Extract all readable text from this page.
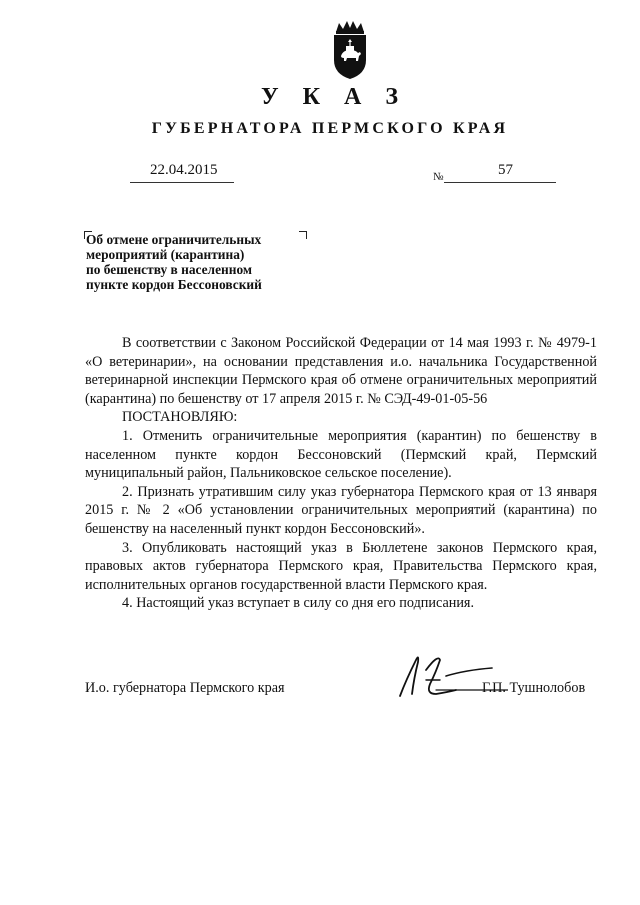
У К А З
ГУБЕРНАТОРА ПЕРМСКОГО КРАЯ
22.04.2015	№	57
Об отмене ограничительных
мероприятий (карантина)
по бешенству в населенном
пункте кордон Бессоновский

В соответствии с Законом Российской Федерации от 14 мая 1993 г. № 4979-1 «О ветеринарии», на основании представления и.о. начальника Государственной ветеринарной инспекции Пермского края об отмене ограничительных мероприятий (карантина) по бешенству от 17 апреля 2015 г. № СЭД-49-01-05-56

ПОСТАНОВЛЯЮ:

1. Отменить ограничительные мероприятия (карантин) по бешенству в населенном пункте кордон Бессоновский (Пермский край, Пермский муниципальный район, Пальниковское сельское поселение).

2. Признать утратившим силу указ губернатора Пермского края от 13 января 2015 г. № 2 «Об установлении ограничительных мероприятий (карантина) по бешенству на населенный пункт кордон Бессоновский».

3. Опубликовать настоящий указ в Бюллетене законов Пермского края, правовых актов губернатора Пермского края, Правительства Пермского края, исполнительных органов государственной власти Пермского края.

4. Настоящий указ вступает в силу со дня его подписания.

И.о. губернатора Пермского края	Г.П. Тушнолобов
